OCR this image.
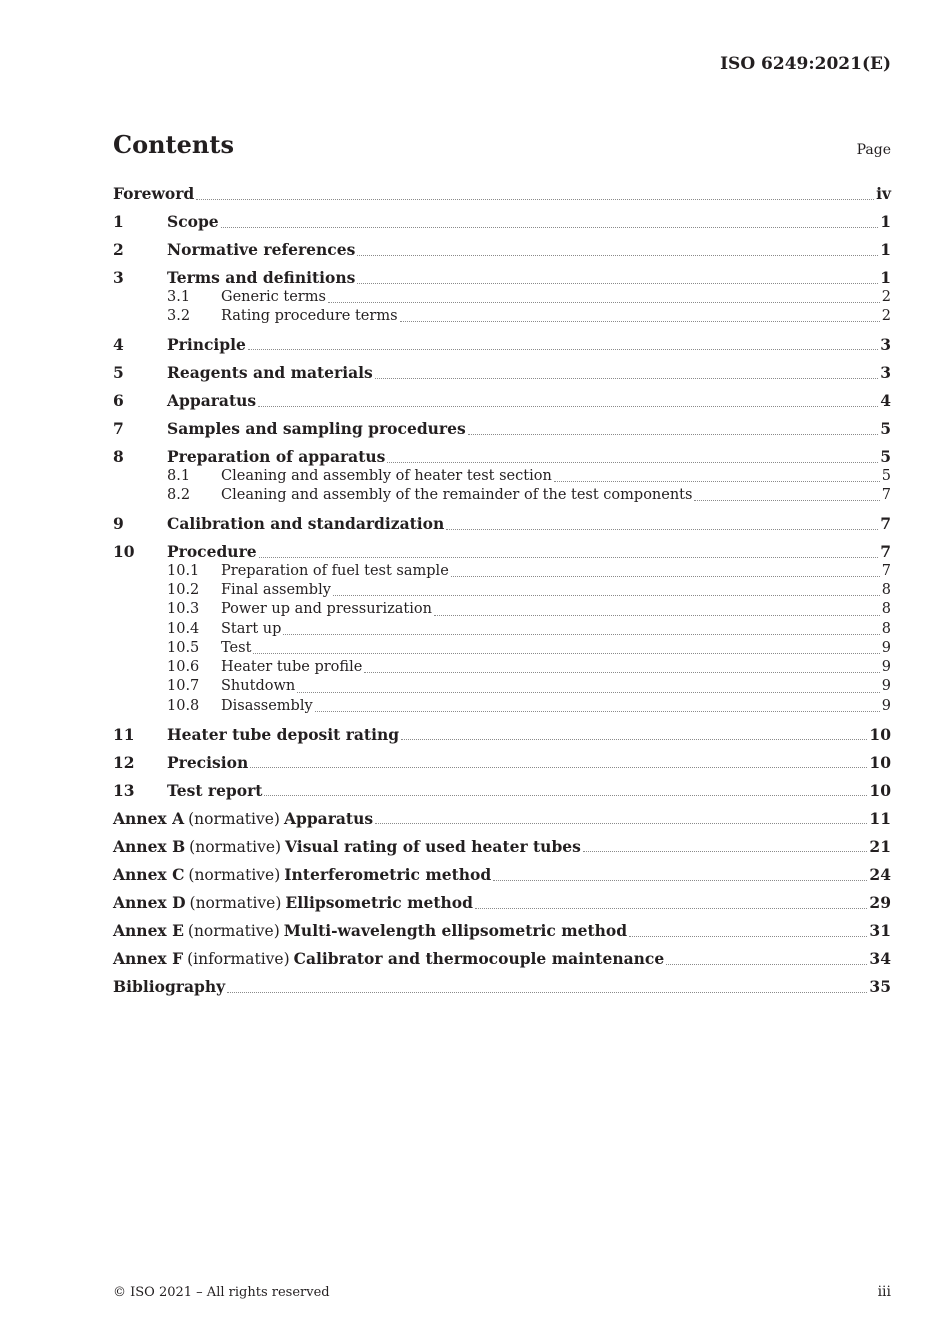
ISO 6249:2021(E)
Contents	Page
Foreword	iv
1	Scope	1
2	Normative references	1
3	Terms and definitions	1
3.1	Generic terms	2
3.2	Rating procedure terms	2
4	Principle	3
5	Reagents and materials	3
6	Apparatus	4
7	Samples and sampling procedures	5
8	Preparation of apparatus	5
8.1	Cleaning and assembly of heater test section	5
8.2	Cleaning and assembly of the remainder of the test components	7
9	Calibration and standardization	7
10	Procedure	7
10.1	Preparation of fuel test sample	7
10.2	Final assembly	8
10.3	Power up and pressurization	8
10.4	Start up	8
10.5	Test	9
10.6	Heater tube profile	9
10.7	Shutdown	9
10.8	Disassembly	9
11	Heater tube deposit rating	10
12	Precision	10
13	Test report	10
Annex A (normative) Apparatus	11
Annex B (normative) Visual rating of used heater tubes	21
Annex C (normative) Interferometric method	24
Annex D (normative) Ellipsometric method	29
Annex E (normative) Multi-wavelength ellipsometric method	31
Annex F (informative) Calibrator and thermocouple maintenance	34
Bibliography	35
© ISO 2021 – All rights reserved	iii
